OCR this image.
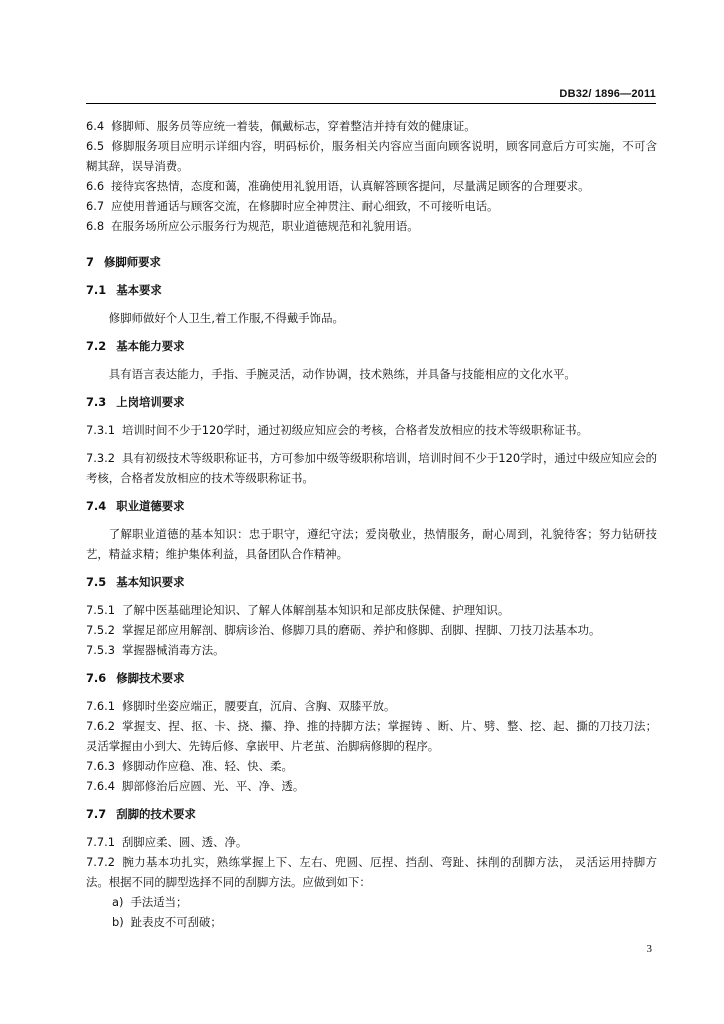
DB32/ 1896—2011

6.4 修脚师、服务员等应统一着装，佩戴标志，穿着整洁并持有效的健康证。

6.5 修脚服务项目应明示详细内容，明码标价，服务相关内容应当面向顾客说明，顾客同意后方可实施，不可含糊其辞，误导消费。

6.6 接待宾客热情，态度和蔼，准确使用礼貌用语，认真解答顾客提问，尽量满足顾客的合理要求。

6.7 应使用普通话与顾客交流，在修脚时应全神贯注、耐心细致，不可接听电话。

6.8 在服务场所应公示服务行为规范，职业道德规范和礼貌用语。

7 修脚师要求

7.1 基本要求

修脚师做好个人卫生,着工作服,不得戴手饰品。

7.2 基本能力要求

具有语言表达能力，手指、手腕灵活，动作协调，技术熟练，并具备与技能相应的文化水平。

7.3 上岗培训要求

7.3.1 培训时间不少于120学时，通过初级应知应会的考核，合格者发放相应的技术等级职称证书。

7.3.2 具有初级技术等级职称证书，方可参加中级等级职称培训，培训时间不少于120学时，通过中级应知应会的考核，合格者发放相应的技术等级职称证书。

7.4 职业道德要求

了解职业道德的基本知识：忠于职守，遵纪守法；爱岗敬业，热情服务，耐心周到，礼貌待客；努力钻研技艺，精益求精；维护集体利益，具备团队合作精神。

7.5 基本知识要求

7.5.1 了解中医基础理论知识、了解人体解剖基本知识和足部皮肤保健、护理知识。

7.5.2 掌握足部应用解剖、脚病诊治、修脚刀具的磨砺、养护和修脚、刮脚、捏脚、刀技刀法基本功。

7.5.3 掌握器械消毒方法。

7.6 修脚技术要求

7.6.1 修脚时坐姿应端正，腰要直，沉肩、含胸、双膝平放。

7.6.2 掌握支、捏、抠、卡、挠、攥、挣、推的持脚方法；掌握铸 、断、片、劈、整、挖、起、撕的刀技刀法；灵活掌握由小到大、先铸后修、拿嵌甲、片老茧、治脚病修脚的程序。

7.6.3 修脚动作应稳、准、轻、快、柔。

7.6.4 脚部修治后应圆、光、平、净、透。

7.7 刮脚的技术要求

7.7.1 刮脚应柔、圆、透、净。

7.7.2 腕力基本功扎实，熟练掌握上下、左右、兜圆、厄捏、挡刮、弯趾、抹削的刮脚方法， 灵活运用持脚方法。根据不同的脚型选择不同的刮脚方法。应做到如下：

a) 手法适当；

b) 趾表皮不可刮破；

3
